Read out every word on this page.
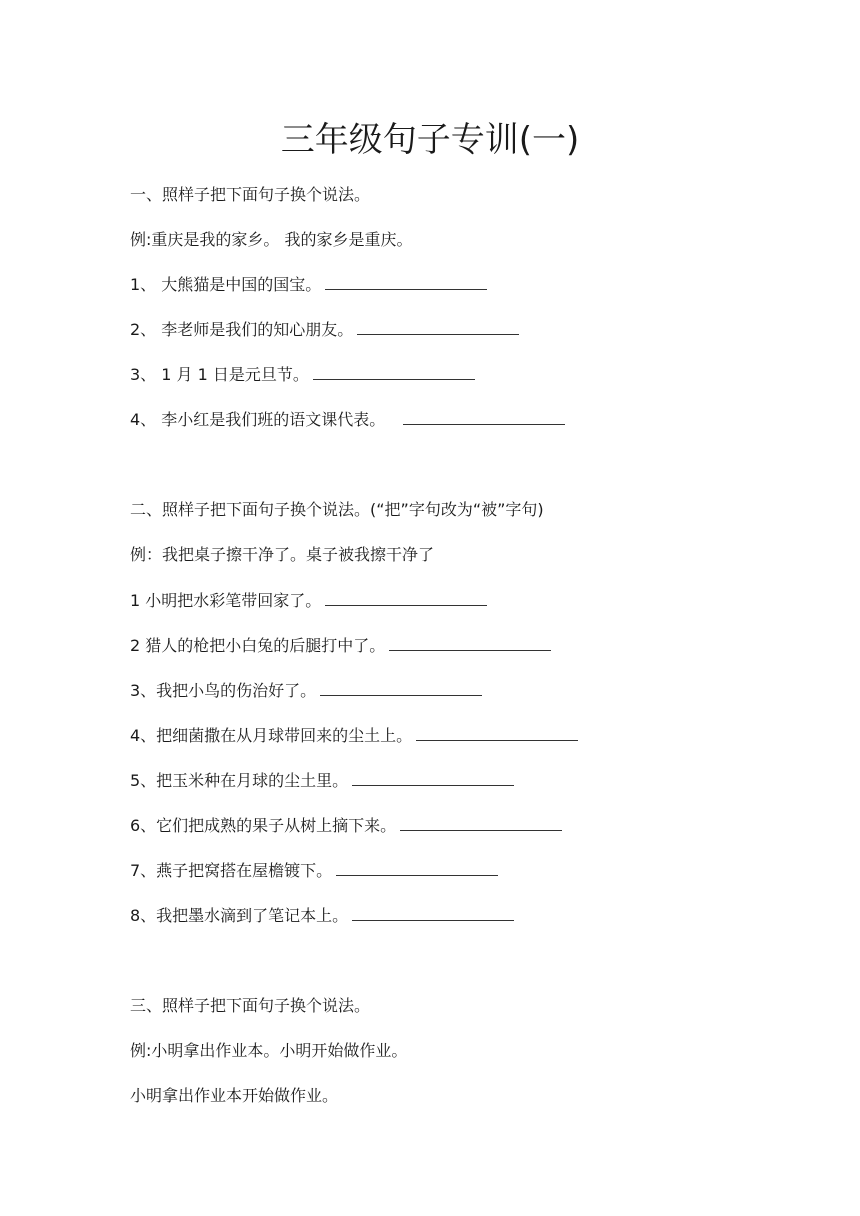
三年级句子专训(一)

一、照样子把下面句子换个说法。

例:重庆是我的家乡。 我的家乡是重庆。

1、 大熊猫是中国的国宝。

2、 李老师是我们的知心朋友。

3、 1 月 1 日是元旦节。

4、 李小红是我们班的语文课代表。

二、照样子把下面句子换个说法。(“把”字句改为“被”字句)

例：我把桌子擦干净了。桌子被我擦干净了

1 小明把水彩笔带回家了。

2 猎人的枪把小白兔的后腿打中了。

3、我把小鸟的伤治好了。

4、把细菌撒在从月球带回来的尘土上。

5、把玉米种在月球的尘土里。

6、它们把成熟的果子从树上摘下来。

7、燕子把窝搭在屋檐镀下。

8、我把墨水滴到了笔记本上。

三、照样子把下面句子换个说法。

例:小明拿出作业本。小明开始做作业。

小明拿出作业本开始做作业。
